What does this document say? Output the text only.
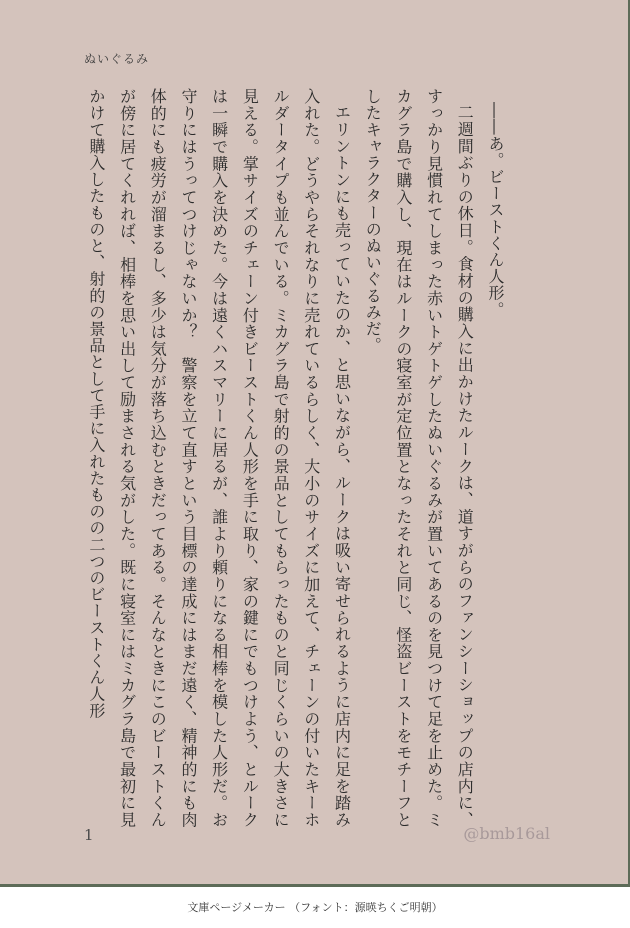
ぬいぐるみ

――あ。ビーストくん人形。

二週間ぶりの休日。食材の購入に出かけたルークは、道すがらのファンシーショップの店内に、すっかり見慣れてしまった赤いトゲトゲしたぬいぐるみが置いてあるのを見つけて足を止めた。ミカグラ島で購入し、現在はルークの寝室が定位置となったそれと同じ、怪盗ビーストをモチーフとしたキャラクターのぬいぐるみだ。

エリントンにも売っていたのか、と思いながら、ルークは吸い寄せられるように店内に足を踏み入れた。どうやらそれなりに売れているらしく、大小のサイズに加えて、チェーンの付いたキーホルダータイプも並んでいる。ミカグラ島で射的の景品としてもらったものと同じくらいの大きさに見える。掌サイズのチェーン付きビーストくん人形を手に取り、家の鍵にでもつけよう、とルークは一瞬で購入を決めた。今は遠くハスマリーに居るが、誰より頼りになる相棒を模した人形だ。お守りにはうってつけじゃないか？　警察を立て直すという目標の達成にはまだ遠く、精神的にも肉体的にも疲労が溜まるし、多少は気分が落ち込むときだってある。そんなときにこのビーストくんが傍に居てくれれば、相棒を思い出して励まされる気がした。既に寝室にはミカグラ島で最初に見かけて購入したものと、射的の景品として手に入れたものの二つのビーストくん人形

1	@bmb16al
文庫ページメーカー （フォント：源暎ちくご明朝）
